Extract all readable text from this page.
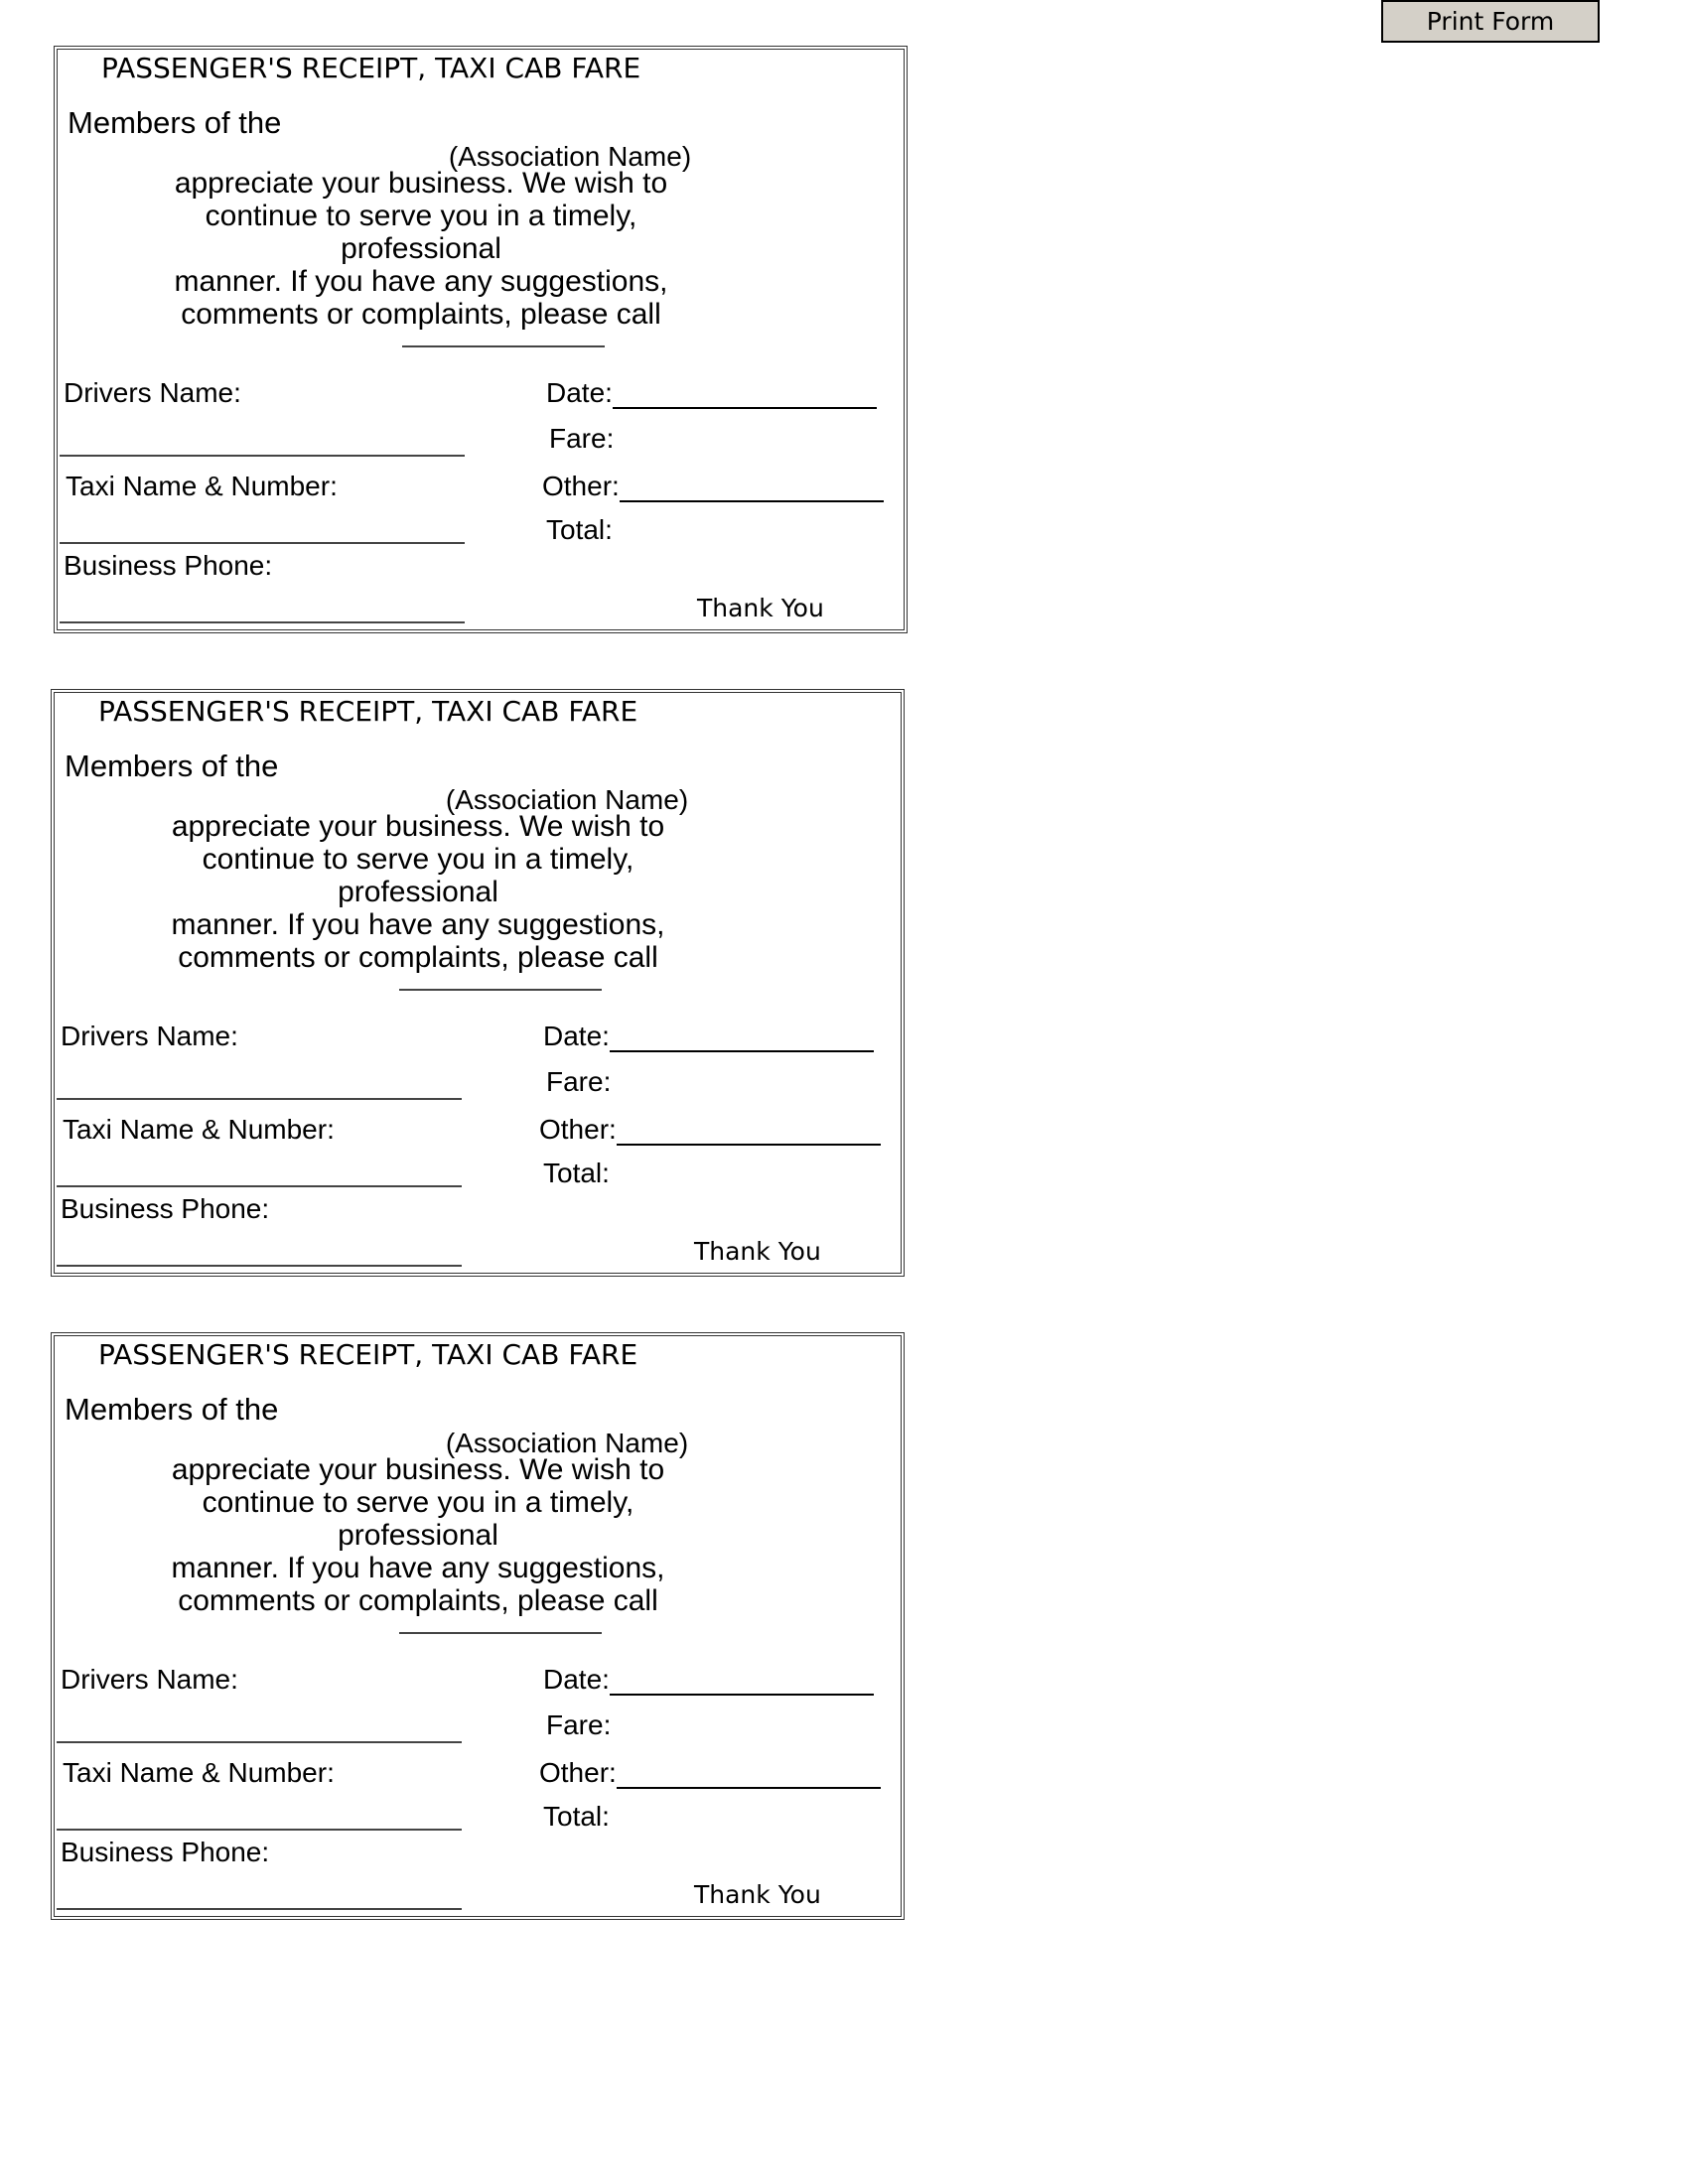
Print Form
PASSENGER'S RECEIPT, TAXI CAB FARE
Members of the
(Association Name)
appreciate your business. We wish to
continue to serve you in a timely, professional
manner. If you have any suggestions,
comments or complaints, please call
Drivers Name:
Taxi Name & Number:
Business Phone:
Date:
Fare:
Other:
Total:
Thank You
PASSENGER'S RECEIPT, TAXI CAB FARE
Members of the
(Association Name)
appreciate your business. We wish to
continue to serve you in a timely, professional
manner. If you have any suggestions,
comments or complaints, please call
Drivers Name:
Taxi Name & Number:
Business Phone:
Date:
Fare:
Other:
Total:
Thank You
PASSENGER'S RECEIPT, TAXI CAB FARE
Members of the
(Association Name)
appreciate your business. We wish to
continue to serve you in a timely, professional
manner. If you have any suggestions,
comments or complaints, please call
Drivers Name:
Taxi Name & Number:
Business Phone:
Date:
Fare:
Other:
Total:
Thank You
